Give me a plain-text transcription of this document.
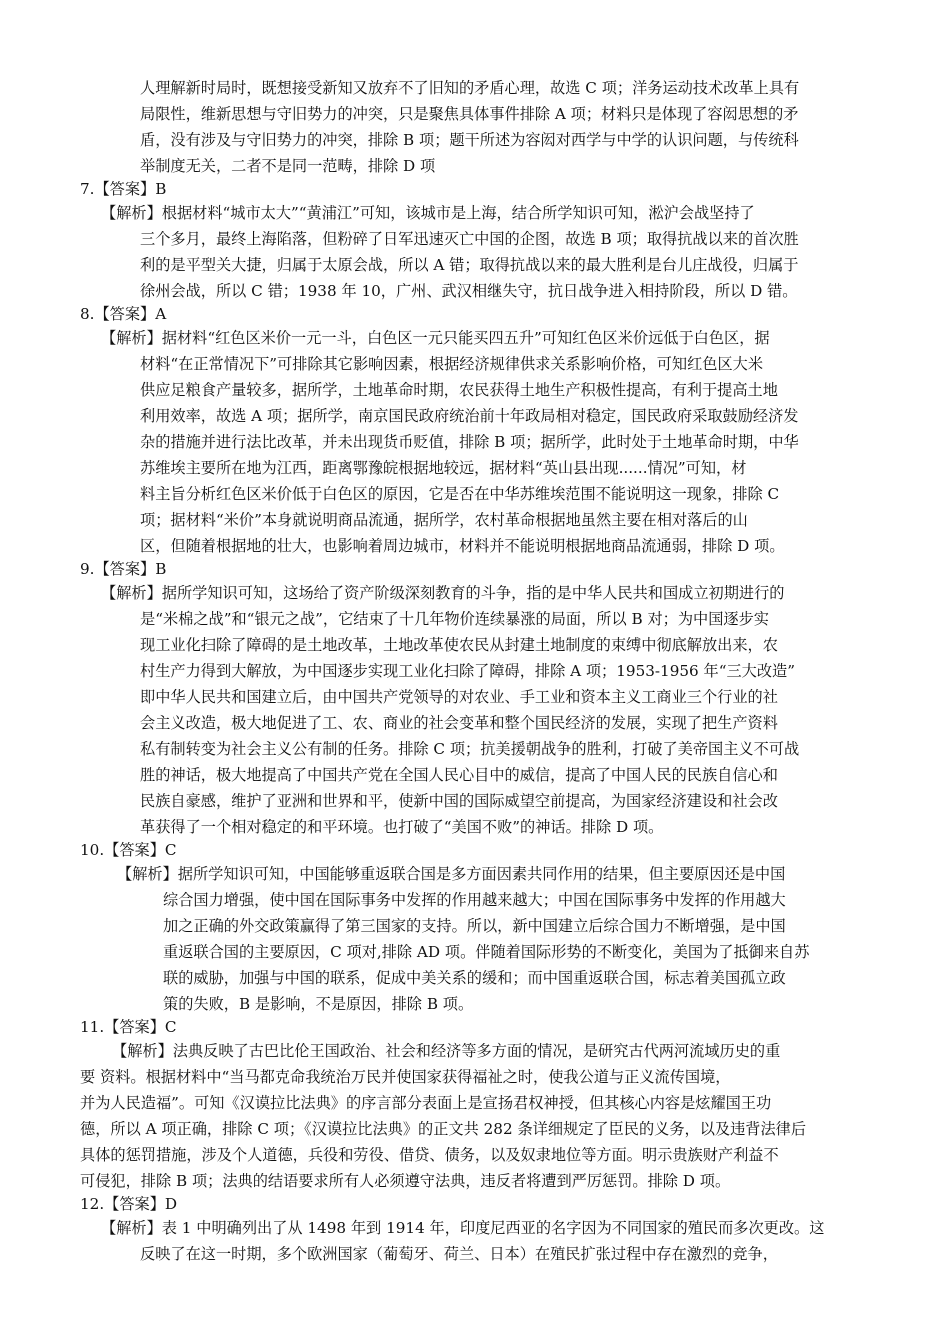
人理解新时局时，既想接受新知又放弃不了旧知的矛盾心理，故选 C 项；洋务运动技术改革上具有
局限性，维新思想与守旧势力的冲突，只是聚焦具体事件排除 A 项；材料只是体现了容闳思想的矛
盾，没有涉及与守旧势力的冲突，排除 B 项；题干所述为容闳对西学与中学的认识问题，与传统科
举制度无关，二者不是同一范畴，排除 D 项
7.【答案】B
【解析】根据材料“城市太大”“黄浦江”可知，该城市是上海，结合所学知识可知，淞沪会战坚持了
三个多月，最终上海陷落，但粉碎了日军迅速灭亡中国的企图，故选 B 项；取得抗战以来的首次胜
利的是平型关大捷，归属于太原会战，所以 A 错；取得抗战以来的最大胜利是台儿庄战役，归属于
徐州会战，所以 C 错；1938 年 10，广州、武汉相继失守，抗日战争进入相持阶段，所以 D 错。
8.【答案】A
【解析】据材料“红色区米价一元一斗，白色区一元只能买四五升”可知红色区米价远低于白色区，据
材料“在正常情况下”可排除其它影响因素，根据经济规律供求关系影响价格，可知红色区大米
供应足粮食产量较多，据所学，土地革命时期，农民获得土地生产积极性提高，有利于提高土地
利用效率，故选 A 项；据所学，南京国民政府统治前十年政局相对稳定，国民政府采取鼓励经济发
杂的措施并进行法比改革，并未出现货币贬值，排除 B 项；据所学，此时处于土地革命时期，中华
苏维埃主要所在地为江西，距离鄂豫皖根据地较远，据材料“英山县出现......情况”可知，材
料主旨分析红色区米价低于白色区的原因，它是否在中华苏维埃范围不能说明这一现象，排除 C
项；据材料“米价”本身就说明商品流通，据所学，农村革命根据地虽然主要在相对落后的山
区，但随着根据地的壮大，也影响着周边城市，材料并不能说明根据地商品流通弱，排除 D 项。
9.【答案】B
【解析】据所学知识可知，这场给了资产阶级深刻教育的斗争，指的是中华人民共和国成立初期进行的
是“米棉之战”和“银元之战”，它结束了十几年物价连续暴涨的局面，所以 B 对；为中国逐步实
现工业化扫除了障碍的是土地改革，土地改革使农民从封建土地制度的束缚中彻底解放出来，农
村生产力得到大解放，为中国逐步实现工业化扫除了障碍，排除 A 项；1953-1956 年“三大改造”
即中华人民共和国建立后，由中国共产党领导的对农业、手工业和资本主义工商业三个行业的社
会主义改造，极大地促进了工、农、商业的社会变革和整个国民经济的发展，实现了把生产资料
私有制转变为社会主义公有制的任务。排除 C 项；抗美援朝战争的胜利，打破了美帝国主义不可战
胜的神话，极大地提高了中国共产党在全国人民心目中的威信，提高了中国人民的民族自信心和
民族自豪感，维护了亚洲和世界和平，使新中国的国际威望空前提高，为国家经济建设和社会改
革获得了一个相对稳定的和平环境。也打破了“美国不败”的神话。排除 D 项。
10.【答案】C
【解析】据所学知识可知，中国能够重返联合国是多方面因素共同作用的结果，但主要原因还是中国
综合国力增强，使中国在国际事务中发挥的作用越来越大；中国在国际事务中发挥的作用越大
加之正确的外交政策赢得了第三国家的支持。所以，新中国建立后综合国力不断增强，是中国
重返联合国的主要原因，C 项对,排除 AD 项。伴随着国际形势的不断变化，美国为了抵御来自苏
联的威胁，加强与中国的联系，促成中美关系的缓和；而中国重返联合国，标志着美国孤立政
策的失败，B 是影响，不是原因，排除 B 项。
11.【答案】C
【解析】法典反映了古巴比伦王国政治、社会和经济等多方面的情况，是研究古代两河流域历史的重
要 资料。根据材料中“当马都克命我统治万民并使国家获得福祉之时，使我公道与正义流传国境，
并为人民造福”。可知《汉谟拉比法典》的序言部分表面上是宣扬君权神授，但其核心内容是炫耀国王功
德，所以 A 项正确，排除 C 项；《汉谟拉比法典》的正文共 282 条详细规定了臣民的义务，以及违背法律后
具体的惩罚措施，涉及个人道德，兵役和劳役、借贷、债务，以及奴隶地位等方面。明示贵族财产利益不
可侵犯，排除 B 项；法典的结语要求所有人必须遵守法典，违反者将遭到严厉惩罚。排除 D 项。
12.【答案】D
【解析】表 1 中明确列出了从 1498 年到 1914 年，印度尼西亚的名字因为不同国家的殖民而多次更改。这
反映了在这一时期，多个欧洲国家（葡萄牙、荷兰、日本）在殖民扩张过程中存在激烈的竞争，
